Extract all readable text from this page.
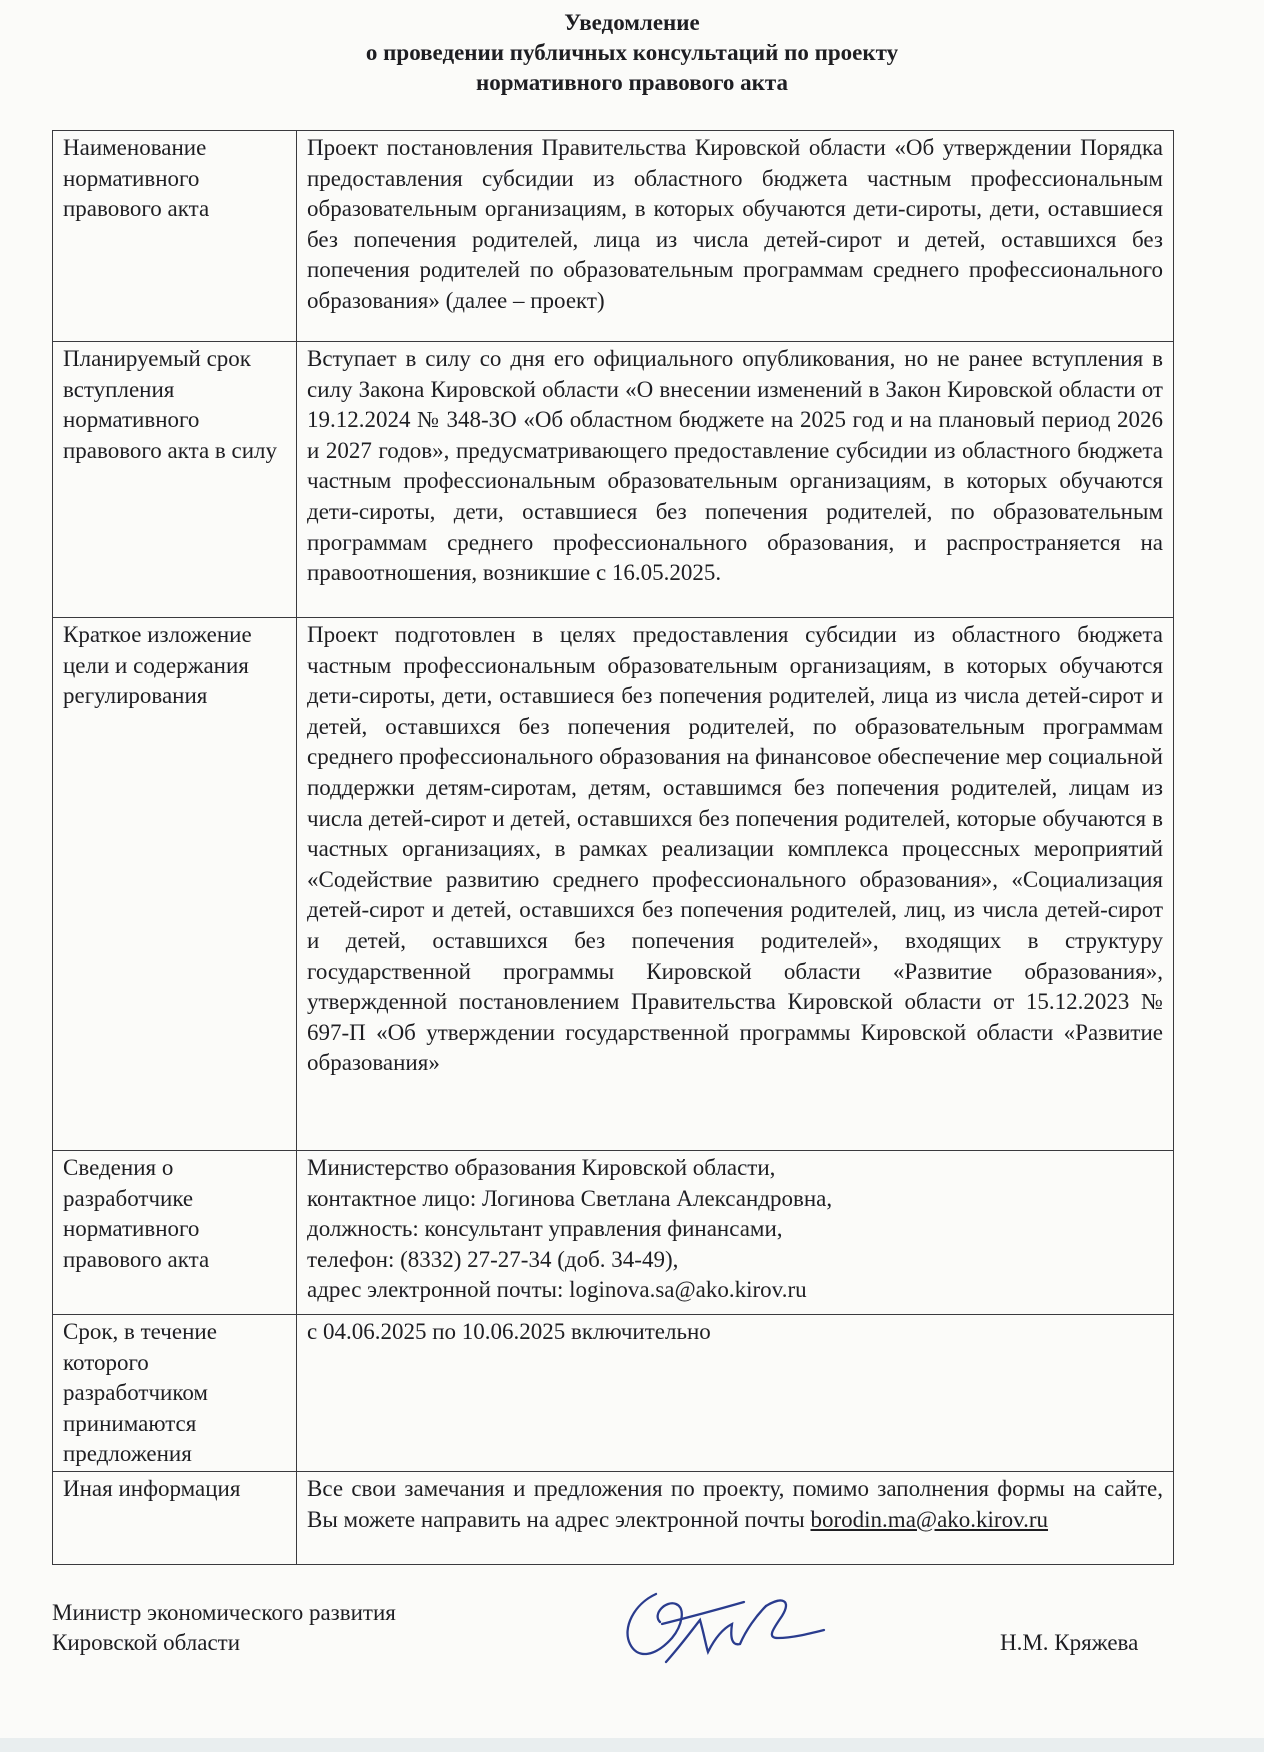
Уведомление
о проведении публичных консультаций по проекту
нормативного правового акта
Наименование нормативного правового акта	Проект постановления Правительства Кировской области «Об утверждении Порядка предоставления субсидии из областного бюджета частным профессиональным образовательным организациям, в которых обучаются дети-сироты, дети, оставшиеся без попечения родителей, лица из числа детей-сирот и детей, оставшихся без попечения родителей по образовательным программам среднего профессионального образования» (далее – проект)
Планируемый срок вступления нормативного правового акта в силу	Вступает в силу со дня его официального опубликования, но не ранее вступления в силу Закона Кировской области «О внесении изменений в Закон Кировской области от 19.12.2024 № 348-ЗО «Об областном бюджете на 2025 год и на плановый период 2026 и 2027 годов», предусматривающего предоставление субсидии из областного бюджета частным профессиональным образовательным организациям, в которых обучаются дети-сироты, дети, оставшиеся без попечения родителей, по образовательным программам среднего профессионального образования, и распространяется на правоотношения, возникшие с 16.05.2025.
Краткое изложение цели и содержания регулирования	Проект подготовлен в целях предоставления субсидии из областного бюджета частным профессиональным образовательным организациям, в которых обучаются дети-сироты, дети, оставшиеся без попечения родителей, лица из числа детей-сирот и детей, оставшихся без попечения родителей, по образовательным программам среднего профессионального образования на финансовое обеспечение мер социальной поддержки детям-сиротам, детям, оставшимся без попечения родителей, лицам из числа детей-сирот и детей, оставшихся без попечения родителей, которые обучаются в частных организациях, в рамках реализации комплекса процессных мероприятий «Содействие развитию среднего профессионального образования», «Социализация детей-сирот и детей, оставшихся без попечения родителей, лиц, из числа детей-сирот и детей, оставшихся без попечения родителей», входящих в структуру государственной программы Кировской области «Развитие образования», утвержденной постановлением Правительства Кировской области от 15.12.2023 № 697-П «Об утверждении государственной программы Кировской области «Развитие образования»
Сведения о разработчике нормативного правового акта	Министерство образования Кировской области,
контактное лицо: Логинова Светлана Александровна,
должность: консультант управления финансами,
телефон: (8332) 27-27-34 (доб. 34-49),
адрес электронной почты: loginova.sa@ako.kirov.ru

Срок, в течение которого разработчиком принимаются предложения	с 04.06.2025 по 10.06.2025 включительно
Иная информация	Все свои замечания и предложения по проекту, помимо заполнения формы на сайте, Вы можете направить на адрес электронной почты borodin.ma@ako.kirov.ru
Министр экономического развития
Кировской области	Н.М. Кряжева
